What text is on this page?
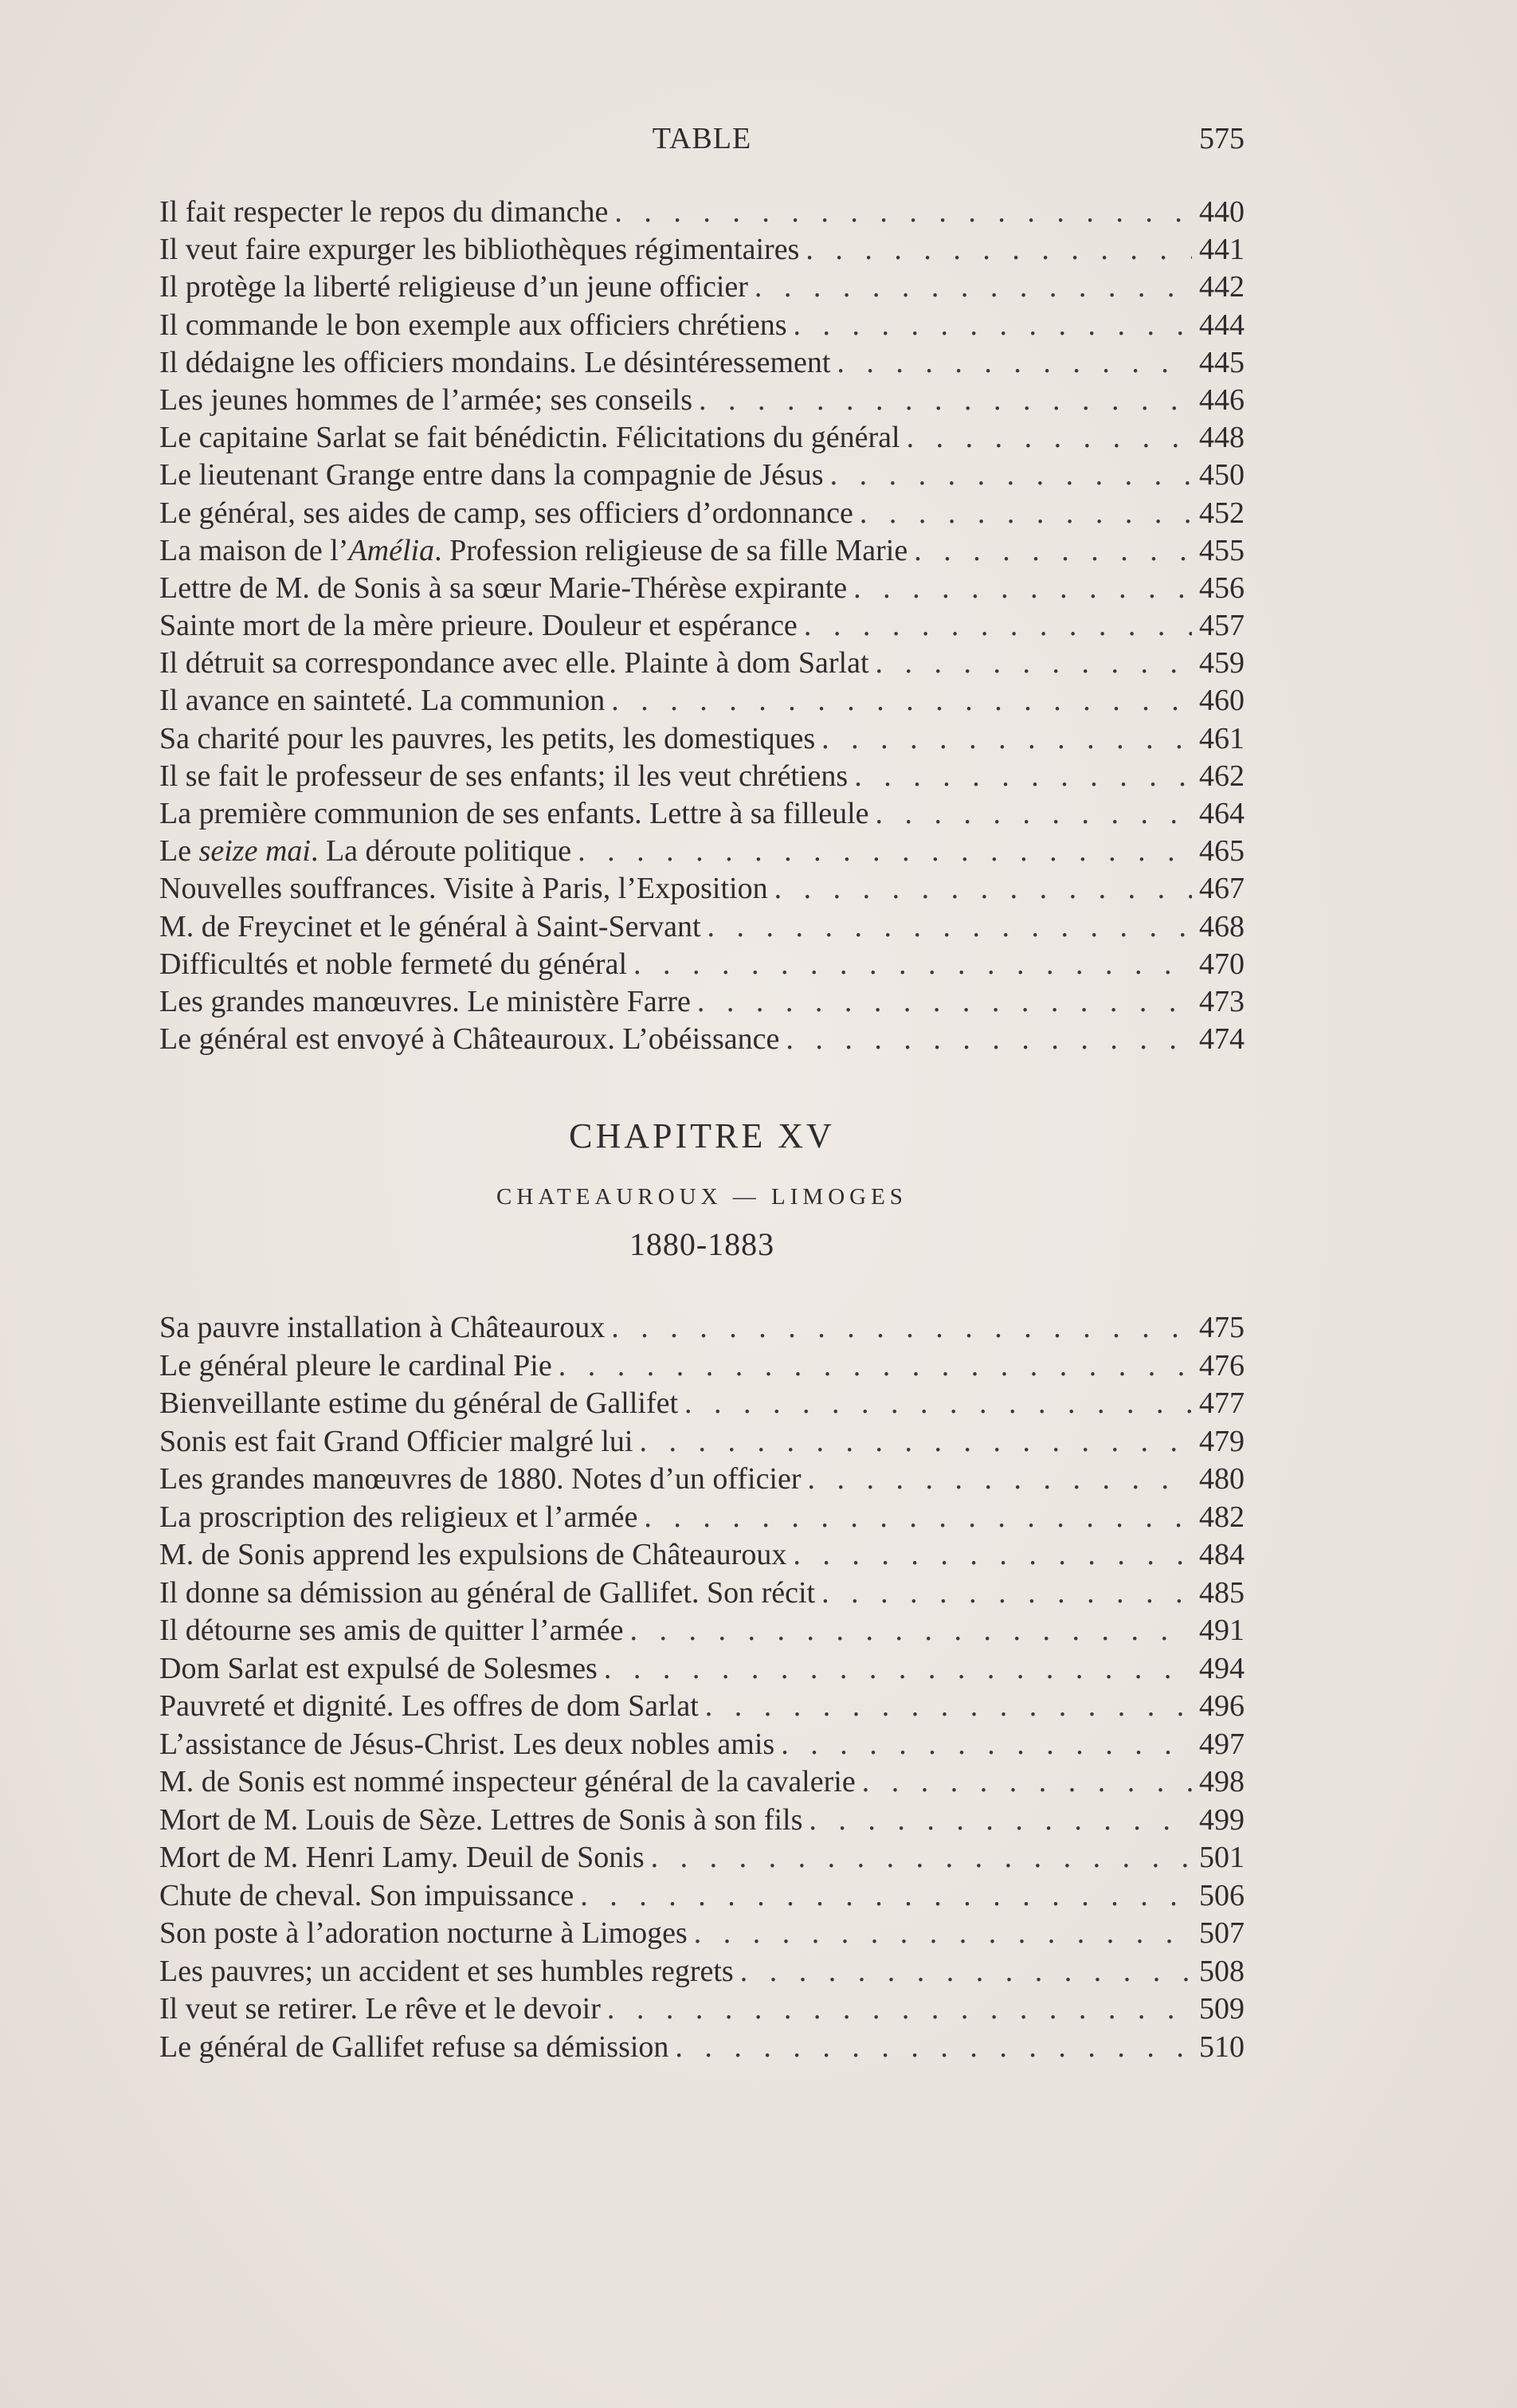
TABLE	575
Il fait respecter le repos du dimanche . . .	440
Il veut faire expurger les bibliothèques régimentaires . . .	441
Il protège la liberté religieuse d’un jeune officier . . .	442
Il commande le bon exemple aux officiers chrétiens . . .	444
Il dédaigne les officiers mondains. Le désintéressement . . .	445
Les jeunes hommes de l’armée; ses conseils . . .	446
Le capitaine Sarlat se fait bénédictin. Félicitations du général . . .	448
Le lieutenant Grange entre dans la compagnie de Jésus . . .	450
Le général, ses aides de camp, ses officiers d’ordonnance . . .	452
La maison de l’Amélia. Profession religieuse de sa fille Marie . . .	455
Lettre de M. de Sonis à sa sœur Marie-Thérèse expirante . . .	456
Sainte mort de la mère prieure. Douleur et espérance . . .	457
Il détruit sa correspondance avec elle. Plainte à dom Sarlat . . .	459
Il avance en sainteté. La communion . . .	460
Sa charité pour les pauvres, les petits, les domestiques . . .	461
Il se fait le professeur de ses enfants; il les veut chrétiens . . .	462
La première communion de ses enfants. Lettre à sa filleule . . .	464
Le seize mai. La déroute politique . . .	465
Nouvelles souffrances. Visite à Paris, l’Exposition . . .	467
M. de Freycinet et le général à Saint-Servant . . .	468
Difficultés et noble fermeté du général . . .	470
Les grandes manœuvres. Le ministère Farre . . .	473
Le général est envoyé à Châteauroux. L’obéissance . . .	474
CHAPITRE XV
CHATEAUROUX — LIMOGES
1880-1883
Sa pauvre installation à Châteauroux . . .	475
Le général pleure le cardinal Pie . . .	476
Bienveillante estime du général de Gallifet . . .	477
Sonis est fait Grand Officier malgré lui . . .	479
Les grandes manœuvres de 1880. Notes d’un officier . . .	480
La proscription des religieux et l’armée . . .	482
M. de Sonis apprend les expulsions de Châteauroux . . .	484
Il donne sa démission au général de Gallifet. Son récit . . .	485
Il détourne ses amis de quitter l’armée . . .	491
Dom Sarlat est expulsé de Solesmes . . .	494
Pauvreté et dignité. Les offres de dom Sarlat . . .	496
L’assistance de Jésus-Christ. Les deux nobles amis . . .	497
M. de Sonis est nommé inspecteur général de la cavalerie . . .	498
Mort de M. Louis de Sèze. Lettres de Sonis à son fils . . .	499
Mort de M. Henri Lamy. Deuil de Sonis . . .	501
Chute de cheval. Son impuissance . . .	506
Son poste à l’adoration nocturne à Limoges . . .	507
Les pauvres; un accident et ses humbles regrets . . .	508
Il veut se retirer. Le rêve et le devoir . . .	509
Le général de Gallifet refuse sa démission . . .	510
